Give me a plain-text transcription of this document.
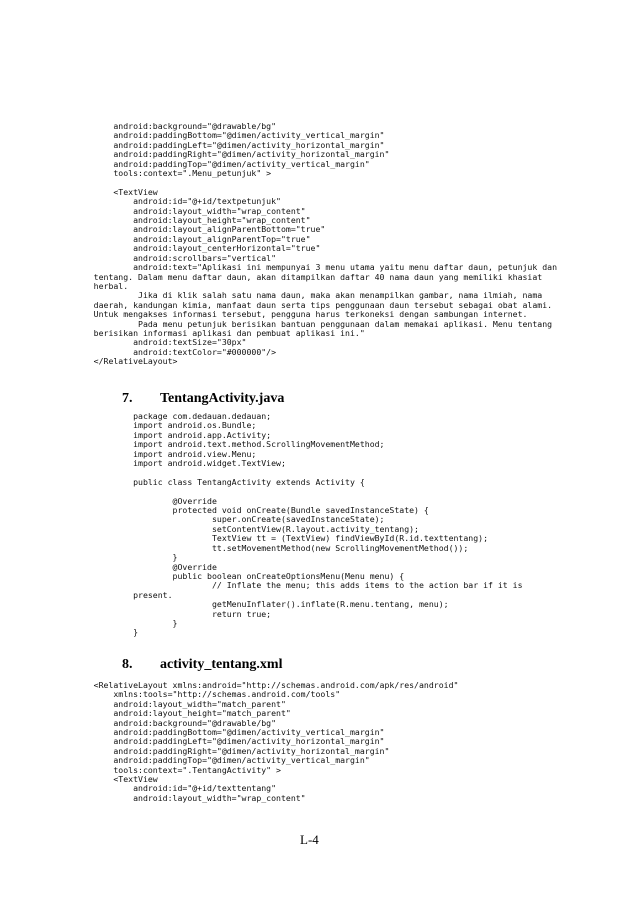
android:background="@drawable/bg"
android:paddingBottom="@dimen/activity_vertical_margin"
android:paddingLeft="@dimen/activity_horizontal_margin"
android:paddingRight="@dimen/activity_horizontal_margin"
android:paddingTop="@dimen/activity_vertical_margin"
tools:context=".Menu_petunjuk" >

<TextView
android:id="@+id/textpetunjuk"
android:layout_width="wrap_content"
android:layout_height="wrap_content"
android:layout_alignParentBottom="true"
android:layout_alignParentTop="true"
android:layout_centerHorizontal="true"
android:scrollbars="vertical"
android:text="Aplikasi ini mempunyai 3 menu utama yaitu menu daftar daun, petunjuk dan
tentang. Dalam menu daftar daun, akan ditampilkan daftar 40 nama daun yang memiliki khasiat
herbal.
Jika di klik salah satu nama daun, maka akan menampilkan gambar, nama ilmiah, nama
daerah, kandungan kimia, manfaat daun serta tips penggunaan daun tersebut sebagai obat alami.
Untuk mengakses informasi tersebut, pengguna harus terkoneksi dengan sambungan internet.
Pada menu petunjuk berisikan bantuan penggunaan dalam memakai aplikasi. Menu tentang
berisikan informasi aplikasi dan pembuat aplikasi ini."
android:textSize="30px"
android:textColor="#000000"/>
</RelativeLayout>
7. TentangActivity.java
package com.dedauan.dedauan;
import android.os.Bundle;
import android.app.Activity;
import android.text.method.ScrollingMovementMethod;
import android.view.Menu;
import android.widget.TextView;

public class TentangActivity extends Activity {

@Override
protected void onCreate(Bundle savedInstanceState) {
super.onCreate(savedInstanceState);
setContentView(R.layout.activity_tentang);
TextView tt = (TextView) findViewById(R.id.texttentang);
tt.setMovementMethod(new ScrollingMovementMethod());
}
@Override
public boolean onCreateOptionsMenu(Menu menu) {
// Inflate the menu; this adds items to the action bar if it is
present.
getMenuInflater().inflate(R.menu.tentang, menu);
return true;
}
}
8. activity_tentang.xml
<RelativeLayout xmlns:android="http://schemas.android.com/apk/res/android"
xmlns:tools="http://schemas.android.com/tools"
android:layout_width="match_parent"
android:layout_height="match_parent"
android:background="@drawable/bg"
android:paddingBottom="@dimen/activity_vertical_margin"
android:paddingLeft="@dimen/activity_horizontal_margin"
android:paddingRight="@dimen/activity_horizontal_margin"
android:paddingTop="@dimen/activity_vertical_margin"
tools:context=".TentangActivity" >
<TextView
android:id="@+id/texttentang"
android:layout_width="wrap_content"
L-4
